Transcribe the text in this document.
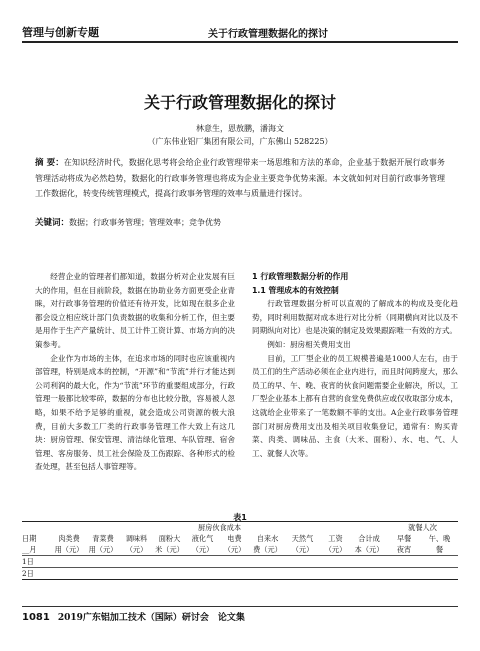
管理与创新专题	关于行政管理数据化的探讨
关于行政管理数据化的探讨
林意生，恩敖鹏，潘海文
（广东伟业铝厂集团有限公司，广东佛山 528225）
摘 要：在知识经济时代，数据化思考将会给企业行政管理带来一场思维和方法的革命，企业基于数据开展行政事务管理活动将成为必然趋势，数据化的行政事务管理也将成为企业主要竞争优势来源。本文就如何对目前行政事务管理工作数据化，转变传统管理模式，提高行政事务管理的效率与质量进行探讨。
关键词：数据；行政事务管理；管理效率；竞争优势

经营企业的管理者们都知道，数据分析对企业发展有巨大的作用，但在目前阶段，数据在协助业务方面更受企业青睐，对行政事务管理的价值还有待开发，比如现在很多企业都会设立相应统计部门负责数据的收集和分析工作，但主要是用作于生产产量统计、员工计件工资计算、市场方向的决策参考。

企业作为市场的主体，在追求市场的同时也应该重视内部管理，特别是成本的控制，“开源”和“节流”并行才能达到公司利润的最大化，作为“节流”环节的重要组成部分，行政管理一般都比较零碎，数据的分布也比较分散，容易被人忽略，如果不给予足够的重视，就会造成公司资源的极大浪费，目前大多数工厂类的行政事务管理工作大致上有这几块：厨房管理、保安管理、清洁绿化管理、车队管理、宿舍管理、客房服务、员工社会保险及工伤跟踪、各种形式的检查处理，甚至包括人事管理等。

1 行政管理数据分析的作用

1.1 管理成本的有效控制

行政管理数据分析可以直观的了解成本的构成及变化趋势，同时利用数据对成本进行对比分析（同期横向对比以及不同期纵向对比）也是决策的制定及效果跟踪唯一有效的方式。

例如：厨房相关费用支出

目前，工厂型企业的员工规模普遍是1000人左右，由于员工们的生产活动必须在企业内进行，而且时间跨度大，那么员工的早、午、晚、夜宵的伙食问题需要企业解决，所以，工厂型企业基本上都有自营的食堂免费供应或仅收取部分成本，这就给企业带来了一笔数额不菲的支出。A企业行政事务管理部门对厨房费用支出及相关项目收集登记，通常有：购买青菜、肉类、调味品、主食（大米、面粉）、水、电、气、人工、就餐人次等。

表1
	厨房伙食成本										就餐人次	
日期	肉类费	青菜费	调味料	面粉大	液化气	电费	自来水	天然气	工资	合计成	早餐	午、晚
__月	用（元）	用（元）	（元）	米（元）	（元）	（元）	费（元）	（元）	（元）	本（元）	夜宵	餐
1日												
2日												
1081 2019广东铝加工技术（国际）研讨会　论文集
